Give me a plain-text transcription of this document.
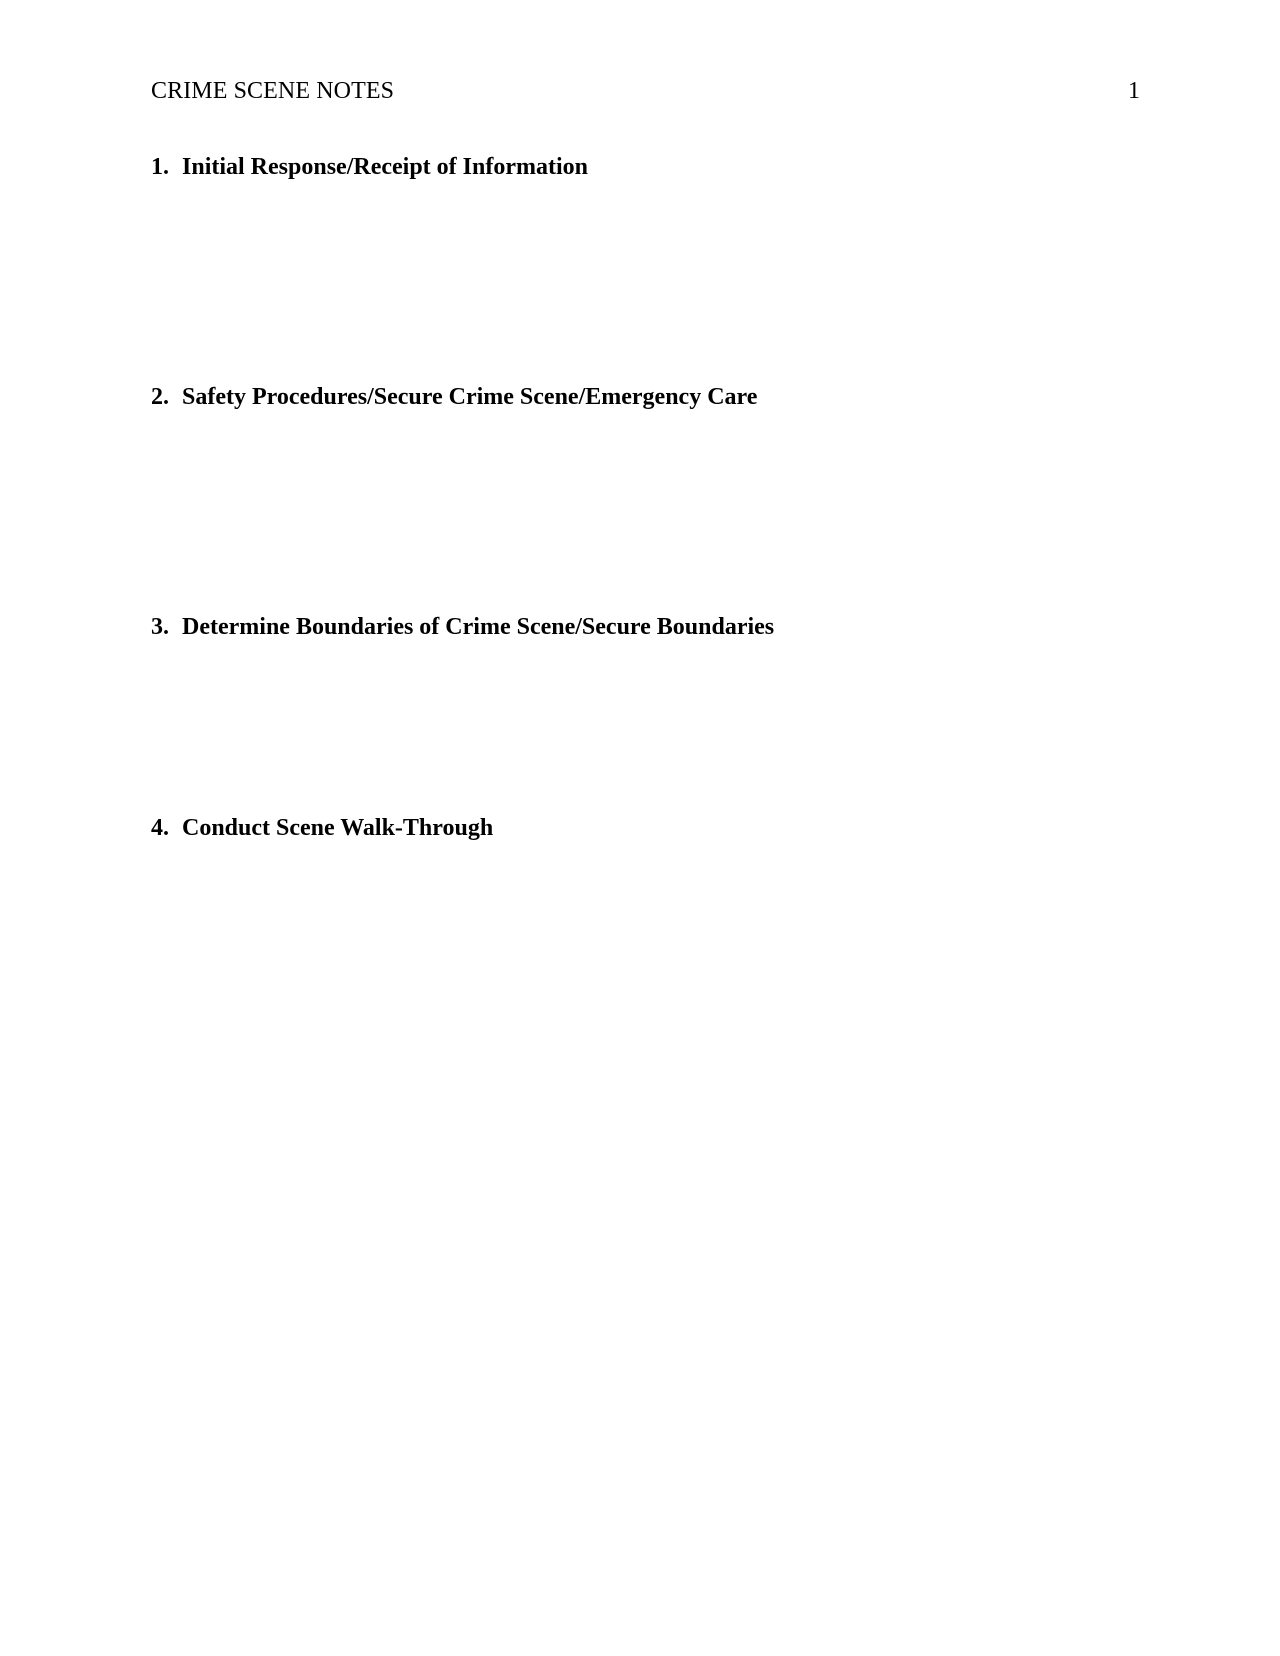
CRIME SCENE NOTES	1
1. Initial Response/Receipt of Information
2. Safety Procedures/Secure Crime Scene/Emergency Care
3. Determine Boundaries of Crime Scene/Secure Boundaries
4. Conduct Scene Walk-Through
